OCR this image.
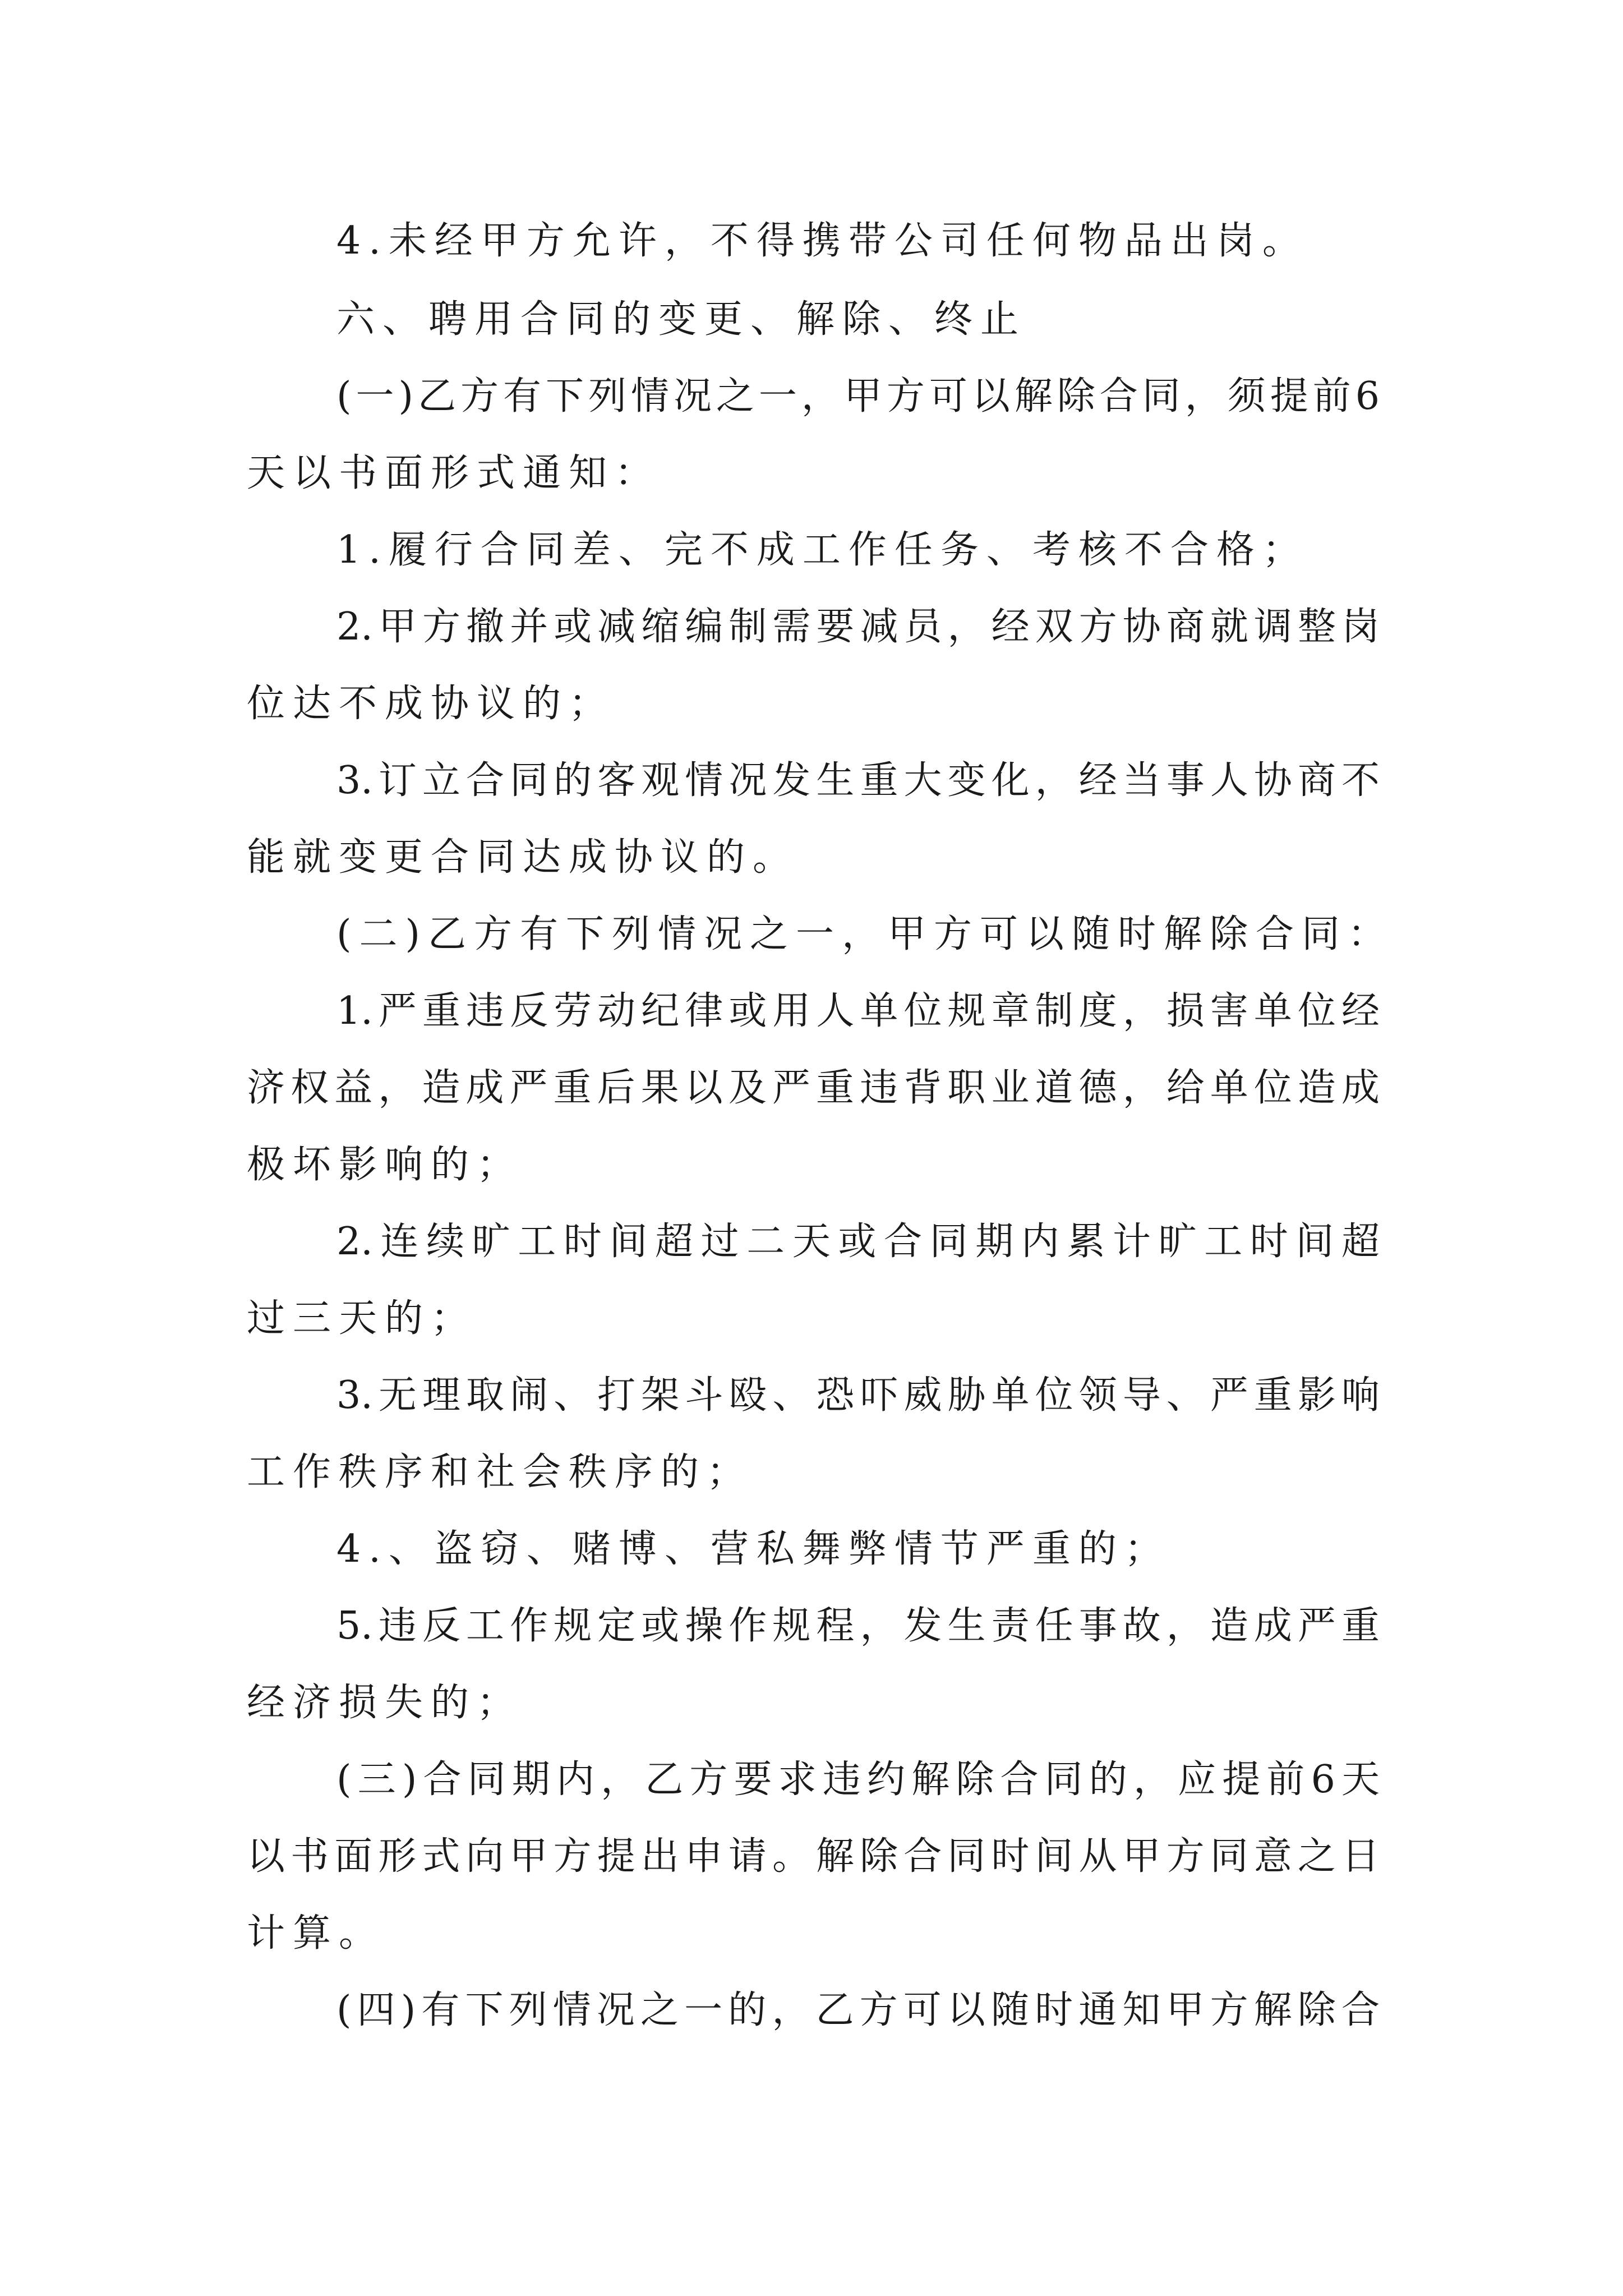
4.未经甲方允许，不得携带公司任何物品出岗。
六、聘用合同的变更、解除、终止
(一)乙方有下列情况之一，甲方可以解除合同，须提前6
天以书面形式通知：
1.履行合同差、完不成工作任务、考核不合格；
2.甲方撤并或减缩编制需要减员，经双方协商就调整岗
位达不成协议的；
3.订立合同的客观情况发生重大变化，经当事人协商不
能就变更合同达成协议的。
(二)乙方有下列情况之一，甲方可以随时解除合同：
1.严重违反劳动纪律或用人单位规章制度，损害单位经
济权益，造成严重后果以及严重违背职业道德，给单位造成
极坏影响的；
2.连续旷工时间超过二天或合同期内累计旷工时间超
过三天的；
3.无理取闹、打架斗殴、恐吓威胁单位领导、严重影响
工作秩序和社会秩序的；
4.、盗窃、赌博、营私舞弊情节严重的；
5.违反工作规定或操作规程，发生责任事故，造成严重
经济损失的；
(三)合同期内，乙方要求违约解除合同的，应提前6天
以书面形式向甲方提出申请。解除合同时间从甲方同意之日
计算。
(四)有下列情况之一的，乙方可以随时通知甲方解除合
